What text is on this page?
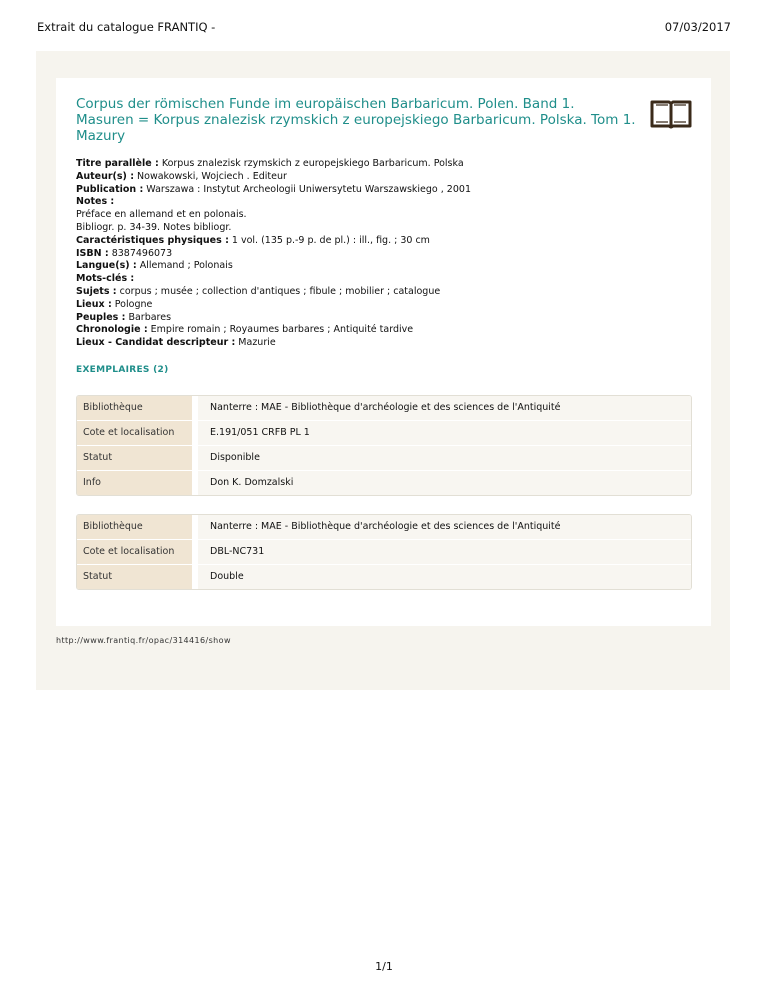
Extrait du catalogue FRANTIQ -	07/03/2017
Corpus der römischen Funde im europäischen Barbaricum. Polen. Band 1. Masuren = Korpus znalezisk rzymskich z europejskiego Barbaricum. Polska. Tom 1. Mazury
Titre parallèle : Korpus znalezisk rzymskich z europejskiego Barbaricum. Polska
Auteur(s) : Nowakowski, Wojciech . Editeur
Publication : Warszawa : Instytut Archeologii Uniwersytetu Warszawskiego , 2001
Notes :
Préface en allemand et en polonais.
Bibliogr. p. 34-39. Notes bibliogr.
Caractéristiques physiques : 1 vol. (135 p.-9 p. de pl.) : ill., fig. ; 30 cm
ISBN : 8387496073
Langue(s) : Allemand ; Polonais
Mots-clés :
Sujets : corpus ; musée ; collection d'antiques ; fibule ; mobilier ; catalogue
Lieux : Pologne
Peuples : Barbares
Chronologie : Empire romain ; Royaumes barbares ; Antiquité tardive
Lieux - Candidat descripteur : Mazurie
EXEMPLAIRES (2)
Bibliothèque	Nanterre : MAE - Bibliothèque d'archéologie et des sciences de l'Antiquité
Cote et localisation	E.191/051 CRFB PL 1
Statut	Disponible
Info	Don K. Domzalski
Bibliothèque	Nanterre : MAE - Bibliothèque d'archéologie et des sciences de l'Antiquité
Cote et localisation	DBL-NC731
Statut	Double
http://www.frantiq.fr/opac/314416/show
1/1
